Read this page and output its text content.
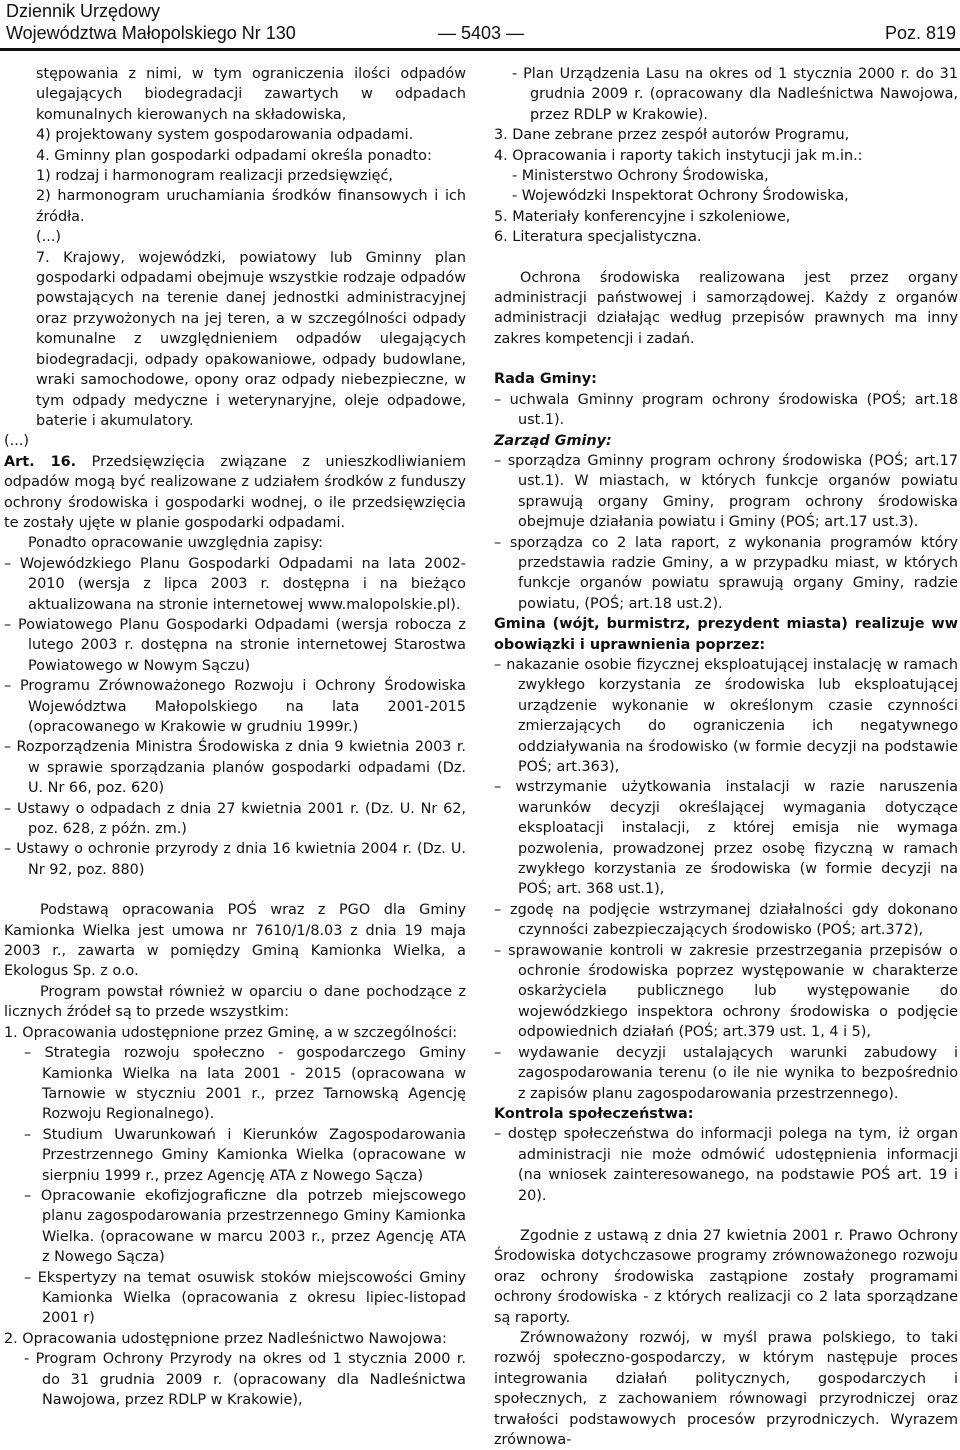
Dziennik Urzędowy
Województwa Małopolskiego Nr 130	— 5403 —	Poz. 819

stępowania z nimi, w tym ograniczenia ilości odpadów ulegających biodegradacji zawartych w odpadach komunalnych kierowanych na składowiska,

4) projektowany system gospodarowania odpadami.

4. Gminny plan gospodarki odpadami określa ponadto:

1) rodzaj i harmonogram realizacji przedsięwzięć,

2) harmonogram uruchamiania środków finansowych i ich źródła.

(...)

7. Krajowy, wojewódzki, powiatowy lub Gminny plan gospodarki odpadami obejmuje wszystkie rodzaje odpadów powstających na terenie danej jednostki administracyjnej oraz przywożonych na jej teren, a w szczególności odpady komunalne z uwzględnieniem odpadów ulegających biodegradacji, odpady opakowaniowe, odpady budowlane, wraki samochodowe, opony oraz odpady niebezpieczne, w tym odpady medyczne i weterynaryjne, oleje odpadowe, baterie i akumulatory.

(...)

Art. 16. Przedsięwzięcia związane z unieszkodliwianiem odpadów mogą być realizowane z udziałem środków z funduszy ochrony środowiska i gospodarki wodnej, o ile przedsięwzięcia te zostały ujęte w planie gospodarki odpadami.

Ponadto opracowanie uwzględnia zapisy:

– Wojewódzkiego Planu Gospodarki Odpadami na lata 2002-2010 (wersja z lipca 2003 r. dostępna i na bieżąco aktualizowana na stronie internetowej www.malopolskie.pl).

– Powiatowego Planu Gospodarki Odpadami (wersja robocza z lutego 2003 r. dostępna na stronie internetowej Starostwa Powiatowego w Nowym Sączu)

– Programu Zrównoważonego Rozwoju i Ochrony Środowiska Województwa Małopolskiego na lata 2001-2015 (opracowanego w Krakowie w grudniu 1999r.)

– Rozporządzenia Ministra Środowiska z dnia 9 kwietnia 2003 r. w sprawie sporządzania planów gospodarki odpadami (Dz. U. Nr 66, poz. 620)

– Ustawy o odpadach z dnia 27 kwietnia 2001 r. (Dz. U. Nr 62, poz. 628, z późn. zm.)

– Ustawy o ochronie przyrody z dnia 16 kwietnia 2004 r. (Dz. U. Nr 92, poz. 880)

Podstawą opracowania POŚ wraz z PGO dla Gminy Kamionka Wielka jest umowa nr 7610/1/8.03 z dnia 19 maja 2003 r., zawarta w pomiędzy Gminą Kamionka Wielka, a Ekologus Sp. z o.o.

Program powstał również w oparciu o dane pochodzące z licznych źródeł są to przede wszystkim:

1. Opracowania udostępnione przez Gminę, a w szczególności:

– Strategia rozwoju społeczno - gospodarczego Gminy Kamionka Wielka na lata 2001 - 2015 (opracowana w Tarnowie w styczniu 2001 r., przez Tarnowską Agencję Rozwoju Regionalnego).

– Studium Uwarunkowań i Kierunków Zagospodarowania Przestrzennego Gminy Kamionka Wielka (opracowane w sierpniu 1999 r., przez Agencję ATA z Nowego Sącza)

– Opracowanie ekofizjograficzne dla potrzeb miejscowego planu zagospodarowania przestrzennego Gminy Kamionka Wielka. (opracowane w marcu 2003 r., przez Agencję ATA z Nowego Sącza)

– Ekspertyzy na temat osuwisk stoków miejscowości Gminy Kamionka Wielka (opracowania z okresu lipiec-listopad 2001 r)

2. Opracowania udostępnione przez Nadleśnictwo Nawojowa:

- Program Ochrony Przyrody na okres od 1 stycznia 2000 r. do 31 grudnia 2009 r. (opracowany dla Nadleśnictwa Nawojowa, przez RDLP w Krakowie),

- Plan Urządzenia Lasu na okres od 1 stycznia 2000 r. do 31 grudnia 2009 r. (opracowany dla Nadleśnictwa Nawojowa, przez RDLP w Krakowie).

3. Dane zebrane przez zespół autorów Programu,

4. Opracowania i raporty takich instytucji jak m.in.:

- Ministerstwo Ochrony Środowiska,

- Wojewódzki Inspektorat Ochrony Środowiska,

5. Materiały konferencyjne i szkoleniowe,

6. Literatura specjalistyczna.

Ochrona środowiska realizowana jest przez organy administracji państwowej i samorządowej. Każdy z organów administracji działając według przepisów prawnych ma inny zakres kompetencji i zadań.

Rada Gminy:

– uchwala Gminny program ochrony środowiska (POŚ; art.18 ust.1).

Zarząd Gminy:

– sporządza Gminny program ochrony środowiska (POŚ; art.17 ust.1). W miastach, w których funkcje organów powiatu sprawują organy Gminy, program ochrony środowiska obejmuje działania powiatu i Gminy (POŚ; art.17 ust.3).

– sporządza co 2 lata raport, z wykonania programów który przedstawia radzie Gminy, a w przypadku miast, w których funkcje organów powiatu sprawują organy Gminy, radzie powiatu, (POŚ; art.18 ust.2).

Gmina (wójt, burmistrz, prezydent miasta) realizuje ww obowiązki i uprawnienia poprzez:

– nakazanie osobie fizycznej eksploatującej instalację w ramach zwykłego korzystania ze środowiska lub eksploatującej urządzenie wykonanie w określonym czasie czynności zmierzających do ograniczenia ich negatywnego oddziaływania na środowisko (w formie decyzji na podstawie POŚ; art.363),

– wstrzymanie użytkowania instalacji w razie naruszenia warunków decyzji określającej wymagania dotyczące eksploatacji instalacji, z której emisja nie wymaga pozwolenia, prowadzonej przez osobę fizyczną w ramach zwykłego korzystania ze środowiska (w formie decyzji na POŚ; art. 368 ust.1),

– zgodę na podjęcie wstrzymanej działalności gdy dokonano czynności zabezpieczających środowisko (POŚ; art.372),

– sprawowanie kontroli w zakresie przestrzegania przepisów o ochronie środowiska poprzez występowanie w charakterze oskarżyciela publicznego lub występowanie do wojewódzkiego inspektora ochrony środowiska o podjęcie odpowiednich działań (POŚ; art.379 ust. 1, 4 i 5),

– wydawanie decyzji ustalających warunki zabudowy i zagospodarowania terenu (o ile nie wynika to bezpośrednio z zapisów planu zagospodarowania przestrzennego).

Kontrola społeczeństwa:

– dostęp społeczeństwa do informacji polega na tym, iż organ administracji nie może odmówić udostępnienia informacji (na wniosek zainteresowanego, na podstawie POŚ art. 19 i 20).

Zgodnie z ustawą z dnia 27 kwietnia 2001 r. Prawo Ochrony Środowiska dotychczasowe programy zrównoważonego rozwoju oraz ochrony środowiska zastąpione zostały programami ochrony środowiska - z których realizacji co 2 lata sporządzane są raporty.

Zrównoważony rozwój, w myśl prawa polskiego, to taki rozwój społeczno-gospodarczy, w którym następuje proces integrowania działań politycznych, gospodarczych i społecznych, z zachowaniem równowagi przyrodniczej oraz trwałości podstawowych procesów przyrodniczych. Wyrazem zrównowa-
